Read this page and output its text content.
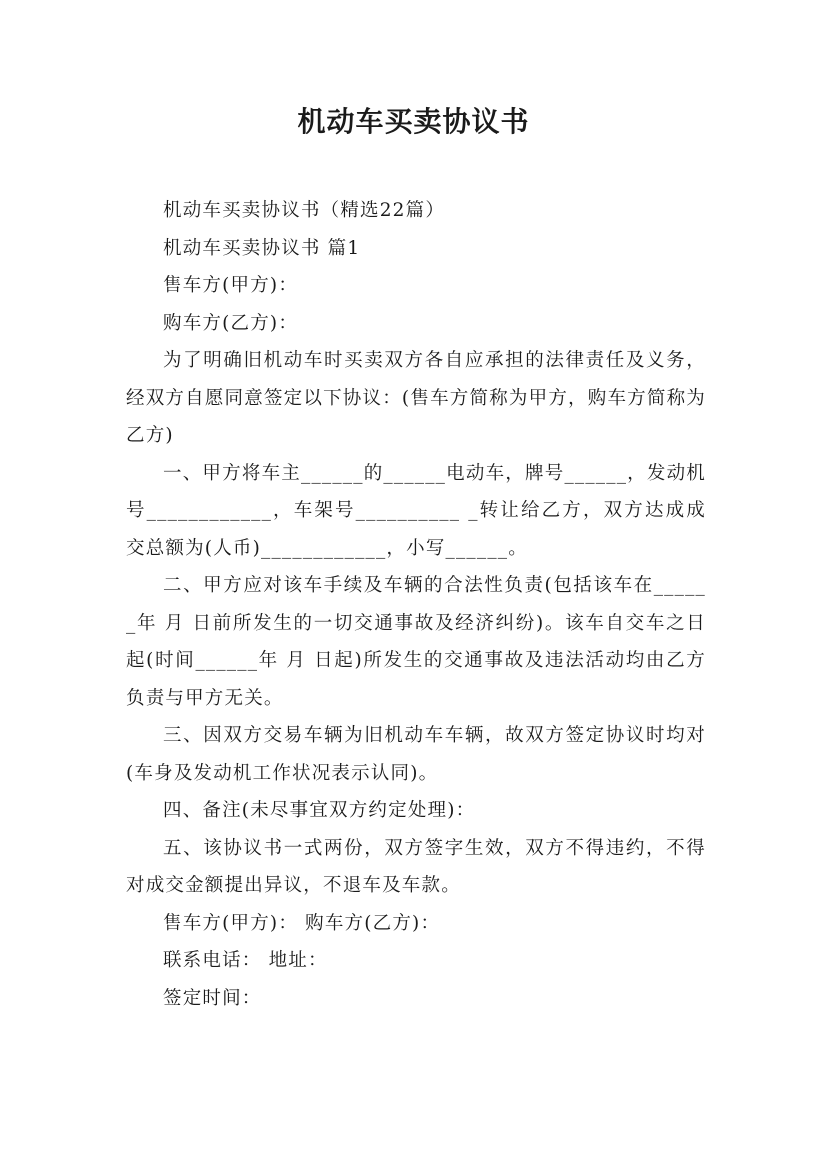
机动车买卖协议书

机动车买卖协议书（精选22篇）

机动车买卖协议书 篇1

售车方(甲方)：

购车方(乙方)：

为了明确旧机动车时买卖双方各自应承担的法律责任及义务，经双方自愿同意签定以下协议：(售车方简称为甲方，购车方简称为乙方)

一、甲方将车主______的______电动车，牌号______，发动机号____________，车架号__________ _转让给乙方，双方达成成交总额为(人币)____________，小写______。

二、甲方应对该车手续及车辆的合法性负责(包括该车在______年 月 日前所发生的一切交通事故及经济纠纷)。该车自交车之日起(时间______年 月 日起)所发生的交通事故及违法活动均由乙方负责与甲方无关。

三、因双方交易车辆为旧机动车车辆，故双方签定协议时均对(车身及发动机工作状况表示认同)。

四、备注(未尽事宜双方约定处理)：

五、该协议书一式两份，双方签字生效，双方不得违约，不得对成交金额提出异议，不退车及车款。

售车方(甲方)： 购车方(乙方)：

联系电话： 地址：

签定时间：
